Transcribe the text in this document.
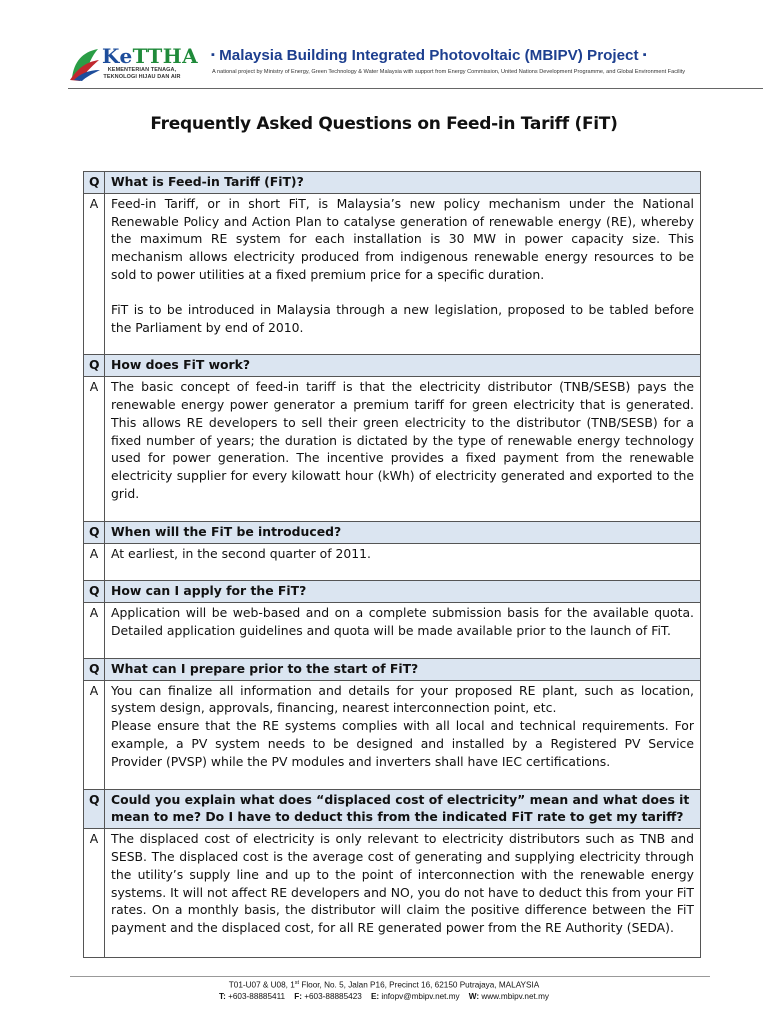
KeTTHA
KEMENTERIAN TENAGA, TEKNOLOGI HIJAU DAN AIR
▪ Malaysia Building Integrated Photovoltaic (MBIPV) Project ▪
A national project by Ministry of Energy, Green Technology & Water Malaysia with support from Energy Commission, United Nations Development Programme, and Global Environment Facility
Frequently Asked Questions on Feed-in Tariff (FiT)
Q	What is Feed-in Tariff (FiT)?
A	Feed-in Tariff, or in short FiT, is Malaysia’s new policy mechanism under the National Renewable Policy and Action Plan to catalyse generation of renewable energy (RE), whereby the maximum RE system for each installation is 30 MW in power capacity size. This mechanism allows electricity produced from indigenous renewable energy resources to be sold to power utilities at a fixed premium price for a specific duration.

FiT is to be introduced in Malaysia through a new legislation, proposed to be tabled before the Parliament by end of 2010.

Q	How does FiT work?
A	The basic concept of feed-in tariff is that the electricity distributor (TNB/SESB) pays the renewable energy power generator a premium tariff for green electricity that is generated. This allows RE developers to sell their green electricity to the distributor (TNB/SESB) for a fixed number of years; the duration is dictated by the type of renewable energy technology used for power generation. The incentive provides a fixed payment from the renewable electricity supplier for every kilowatt hour (kWh) of electricity generated and exported to the grid.

Q	When will the FiT be introduced?
A	At earliest, in the second quarter of 2011.

Q	How can I apply for the FiT?
A	Application will be web-based and on a complete submission basis for the available quota. Detailed application guidelines and quota will be made available prior to the launch of FiT.

Q	What can I prepare prior to the start of FiT?
A	You can finalize all information and details for your proposed RE plant, such as location, system design, approvals, financing, nearest interconnection point, etc.

Please ensure that the RE systems complies with all local and technical requirements. For example, a PV system needs to be designed and installed by a Registered PV Service Provider (PVSP) while the PV modules and inverters shall have IEC certifications.

Q	Could you explain what does “displaced cost of electricity” mean and what does it mean to me? Do I have to deduct this from the indicated FiT rate to get my tariff?
A	The displaced cost of electricity is only relevant to electricity distributors such as TNB and SESB. The displaced cost is the average cost of generating and supplying electricity through the utility’s supply line and up to the point of interconnection with the renewable energy systems. It will not affect RE developers and NO, you do not have to deduct this from your FiT rates. On a monthly basis, the distributor will claim the positive difference between the FiT payment and the displaced cost, for all RE generated power from the RE Authority (SEDA).

T01-U07 & U08, 1st Floor, No. 5, Jalan P16, Precinct 16, 62150 Putrajaya, MALAYSIA
T: +603-88885411 F: +603-88885423 E: infopv@mbipv.net.my W: www.mbipv.net.my
